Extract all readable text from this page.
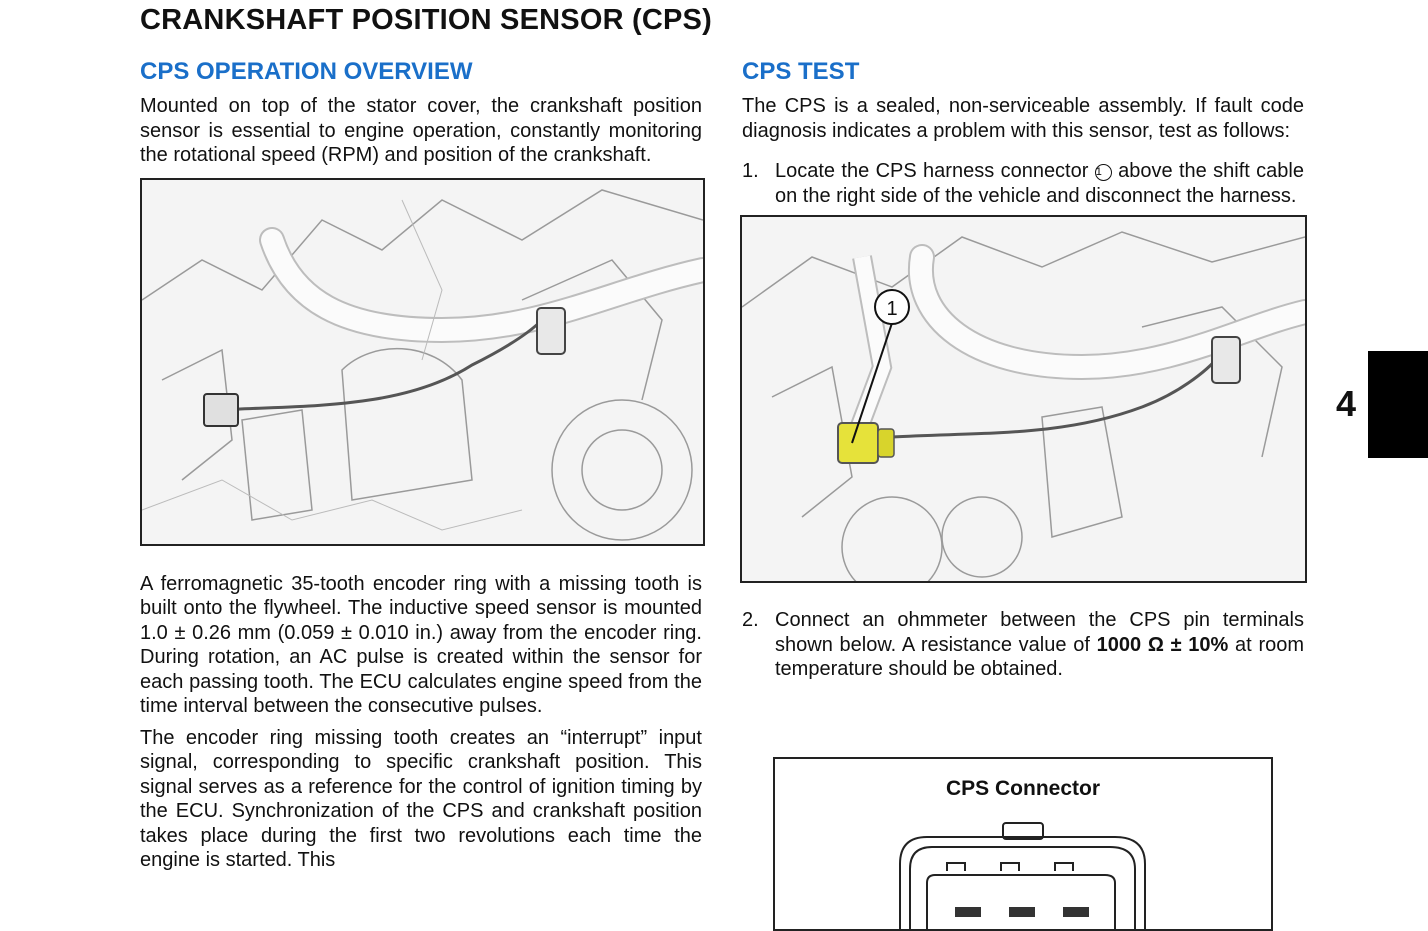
CRANKSHAFT POSITION SENSOR (CPS)
CPS OPERATION OVERVIEW

Mounted on top of the stator cover, the crankshaft position sensor is essential to engine operation, constantly monitoring the rotational speed (RPM) and position of the crankshaft.

A ferromagnetic 35-tooth encoder ring with a missing tooth is built onto the flywheel. The inductive speed sensor is mounted 1.0 ± 0.26 mm (0.059 ± 0.010 in.) away from the encoder ring. During rotation, an AC pulse is created within the sensor for each passing tooth. The ECU calculates engine speed from the time interval between the consecutive pulses.

The encoder ring missing tooth creates an “interrupt” input signal, corresponding to specific crankshaft position. This signal serves as a reference for the control of ignition timing by the ECU. Synchronization of the CPS and crankshaft position takes place during the first two revolutions each time the engine is started. This

CPS TEST

The CPS is a sealed, non-serviceable assembly. If fault code diagnosis indicates a problem with this sensor, test as follows:

1. Locate the CPS harness connector 1 above the shift cable on the right side of the vehicle and disconnect the harness.

1
2. Connect an ohmmeter between the CPS pin terminals shown below. A resistance value of 1000 Ω ± 10% at room temperature should be obtained.

CPS Connector
4
